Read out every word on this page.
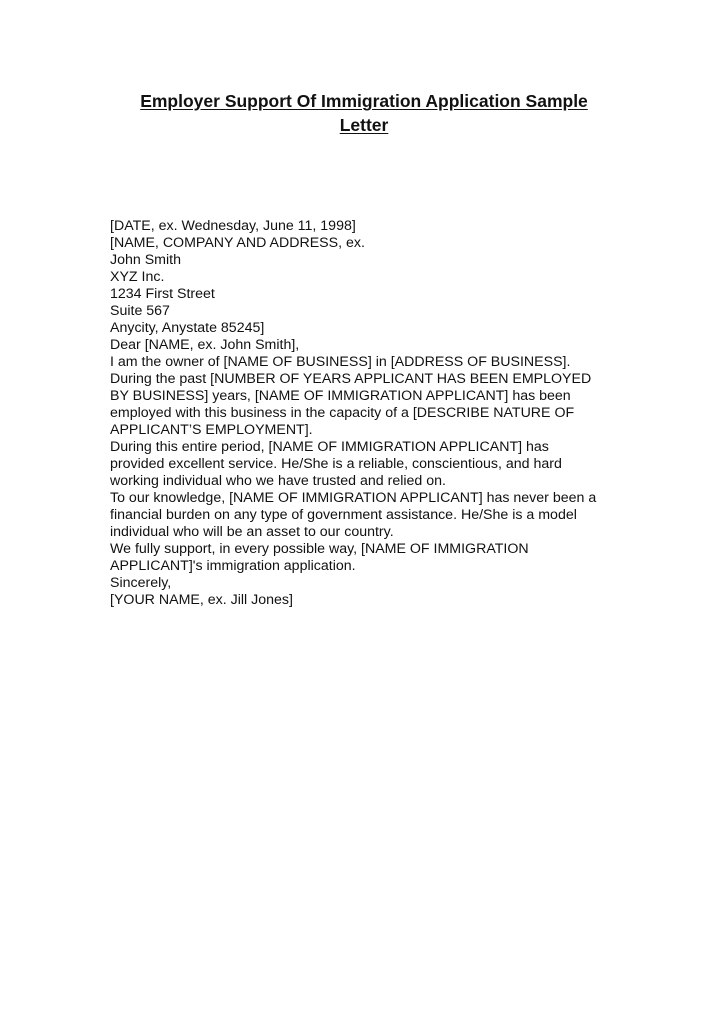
Employer Support Of Immigration Application Sample
Letter

[DATE, ex. Wednesday, June 11, 1998]

[NAME, COMPANY AND ADDRESS, ex.
John Smith
XYZ Inc.
1234 First Street
Suite 567
Anycity, Anystate 85245]

Dear [NAME, ex. John Smith],

I am the owner of [NAME OF BUSINESS] in [ADDRESS OF BUSINESS].
During the past [NUMBER OF YEARS APPLICANT HAS BEEN EMPLOYED
BY BUSINESS] years, [NAME OF IMMIGRATION APPLICANT] has been
employed with this business in the capacity of a [DESCRIBE NATURE OF
APPLICANT’S EMPLOYMENT].

During this entire period, [NAME OF IMMIGRATION APPLICANT] has
provided excellent service. He/She is a reliable, conscientious, and hard
working individual who we have trusted and relied on.

To our knowledge, [NAME OF IMMIGRATION APPLICANT] has never been a
financial burden on any type of government assistance. He/She is a model
individual who will be an asset to our country.

We fully support, in every possible way, [NAME OF IMMIGRATION
APPLICANT]'s immigration application.

Sincerely,

[YOUR NAME, ex. Jill Jones]
